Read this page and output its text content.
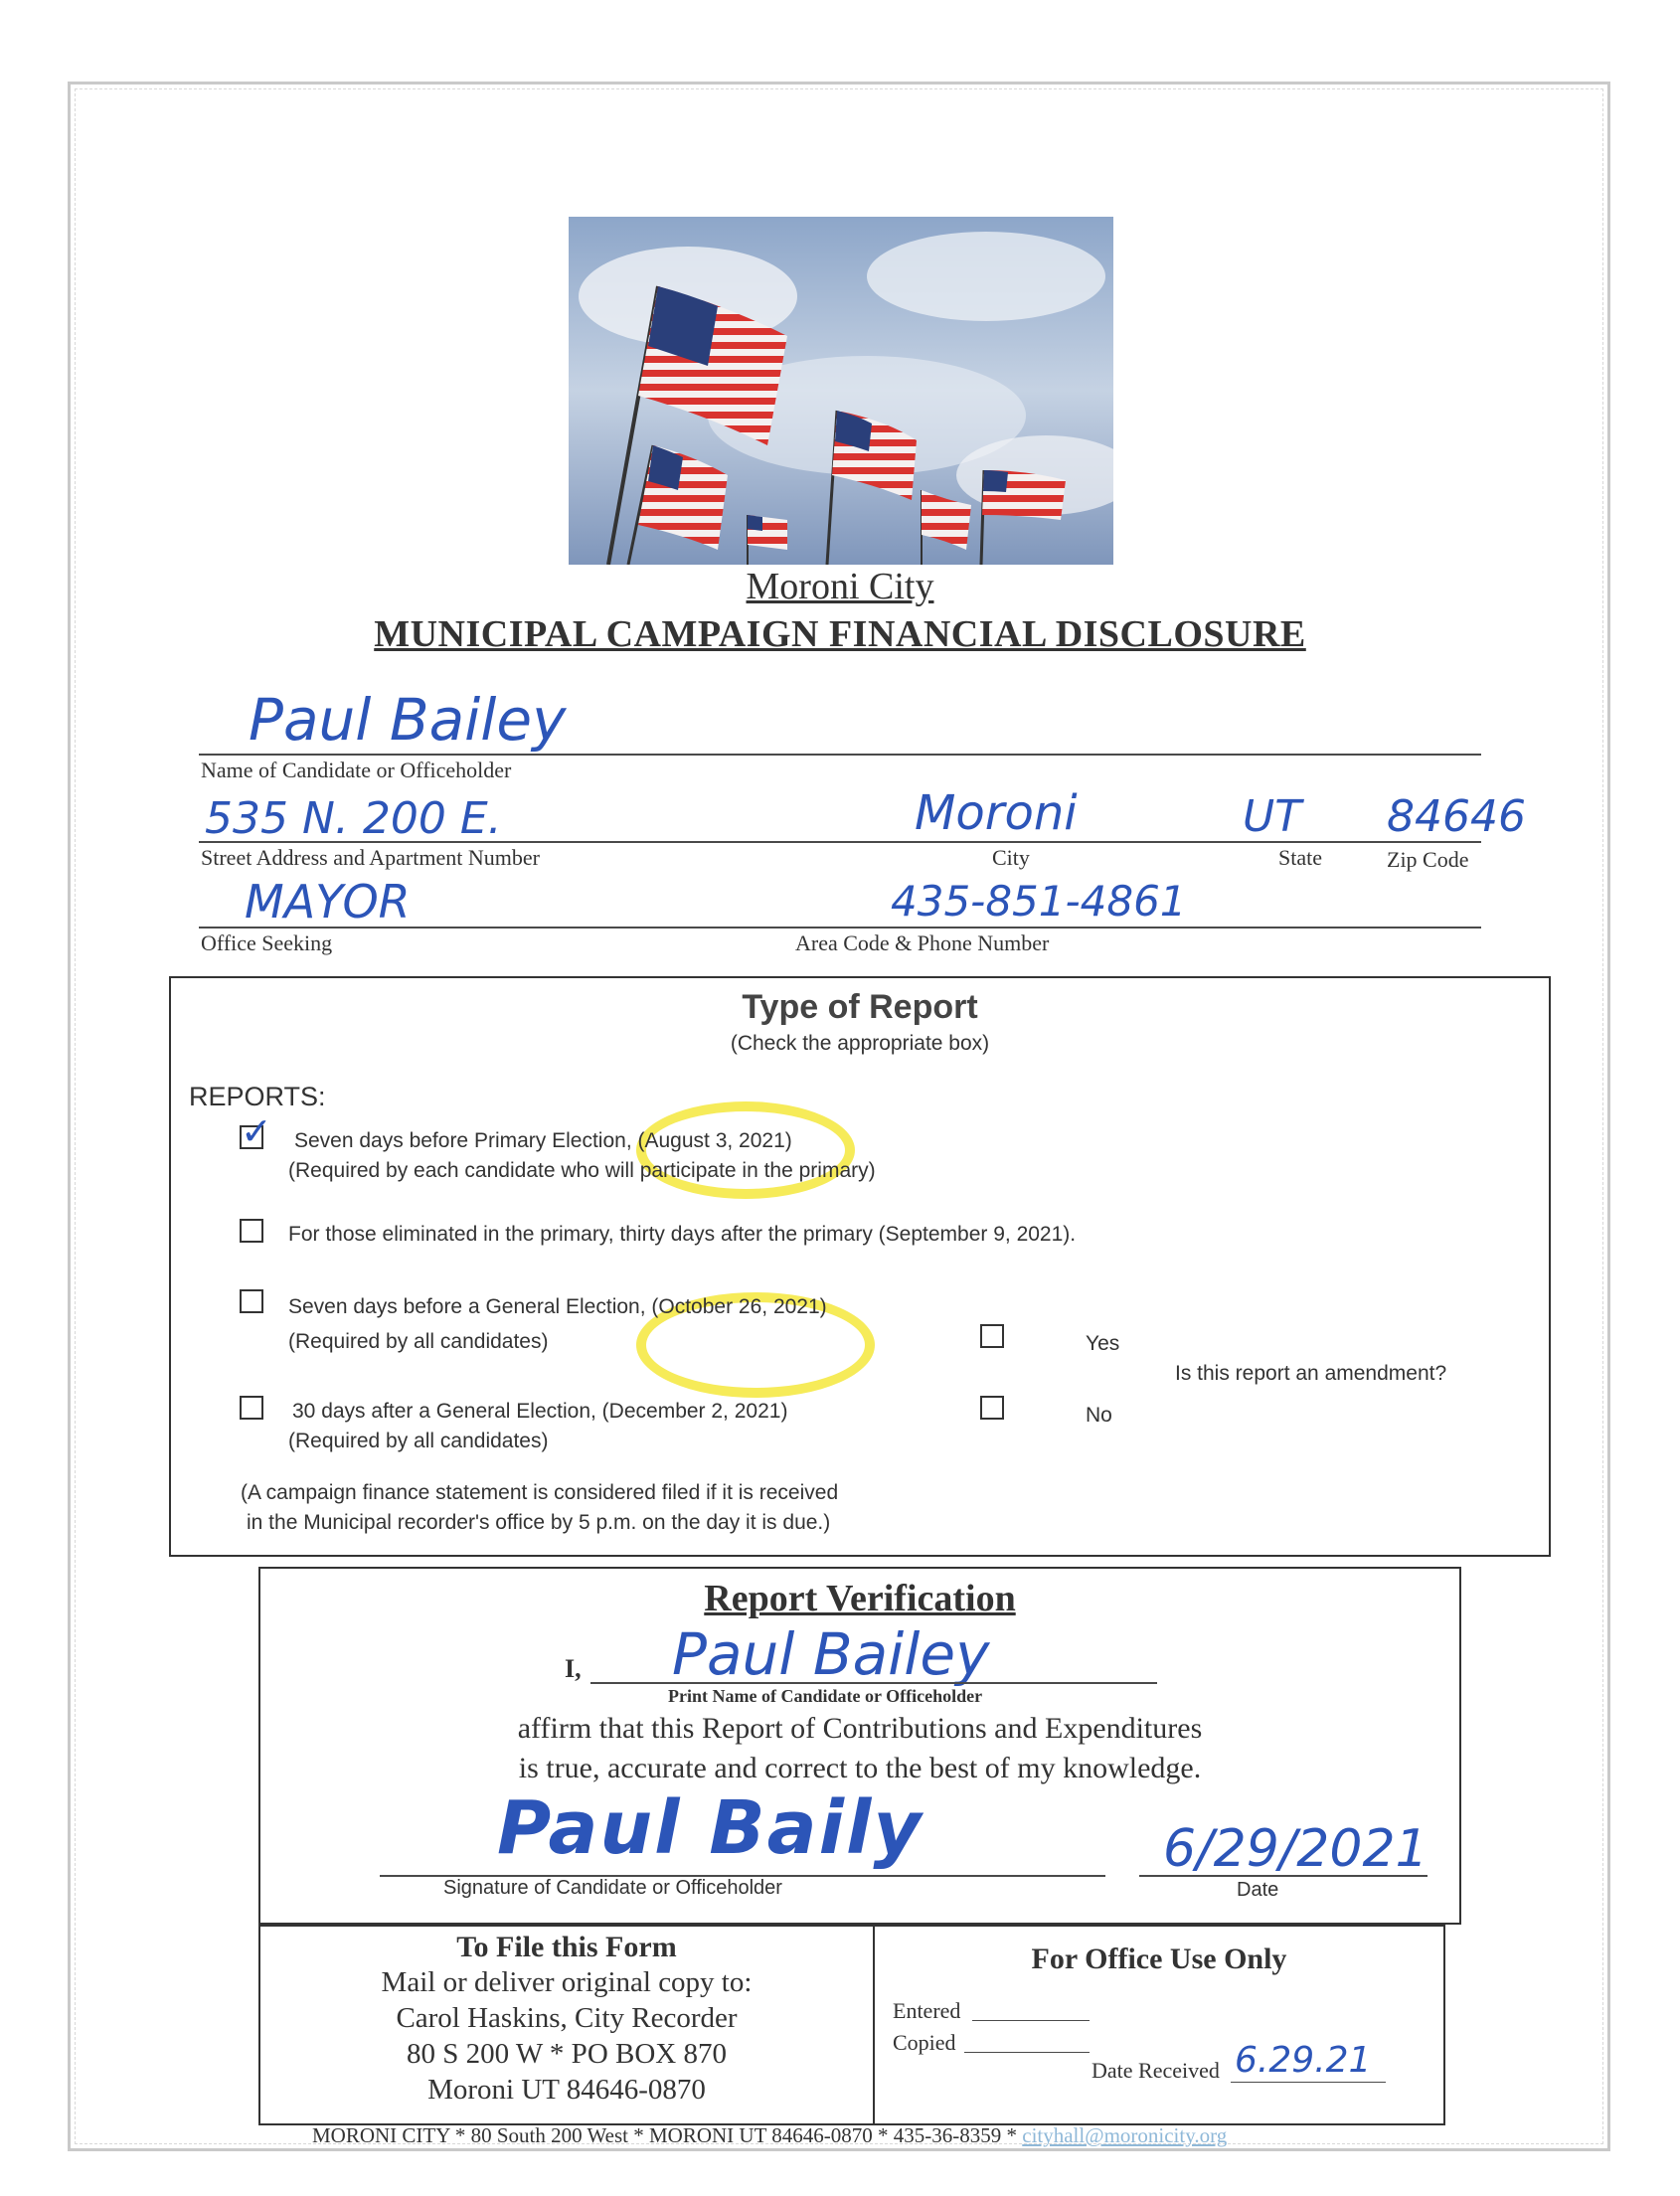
Moroni City
MUNICIPAL CAMPAIGN FINANCIAL DISCLOSURE
Paul Bailey
Name of Candidate or Officeholder
535 N. 200 E.	Moroni	UT 84646
Street Address and Apartment Number	City	State	Zip Code
MAYOR	435-851-4861
Office Seeking	Area Code & Phone Number
Type of Report
(Check the appropriate box)
REPORTS:
✓ Seven days before Primary Election, (August 3, 2021)
(Required by each candidate who will participate in the primary)
For those eliminated in the primary, thirty days after the primary (September 9, 2021).
Seven days before a General Election, (October 26, 2021)
(Required by all candidates)
30 days after a General Election, (December 2, 2021)
(Required by all candidates)
Yes
No
Is this report an amendment?
(A campaign finance statement is considered filed if it is received
in the Municipal recorder's office by 5 p.m. on the day it is due.)
Report Verification
I, Paul Bailey
Print Name of Candidate or Officeholder
affirm that this Report of Contributions and Expenditures
is true, accurate and correct to the best of my knowledge.
Paul Baily
Signature of Candidate or Officeholder
6/29/2021
Date
To File this Form
Mail or deliver original copy to:
Carol Haskins, City Recorder
80 S 200 W * PO BOX 870
Moroni UT 84646-0870
For Office Use Only
Entered
Copied
Date Received 6.29.21
MORONI CITY * 80 South 200 West * MORONI UT 84646-0870 * 435-36-8359 * cityhall@moronicity.org
